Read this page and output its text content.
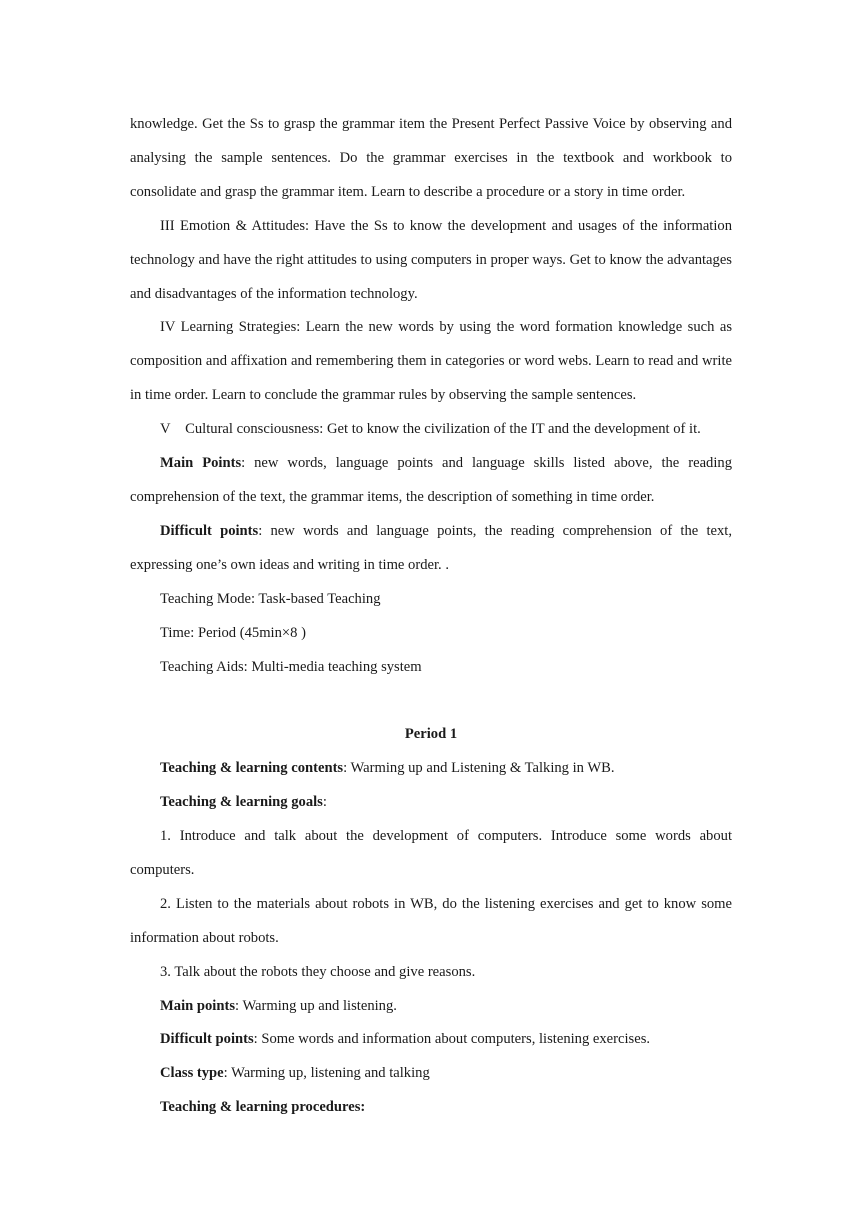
knowledge. Get the Ss to grasp the grammar item the Present Perfect Passive Voice by observing and analysing the sample sentences. Do the grammar exercises in the textbook and workbook to consolidate and grasp the grammar item. Learn to describe a procedure or a story in time order.

III Emotion & Attitudes: Have the Ss to know the development and usages of the information technology and have the right attitudes to using computers in proper ways. Get to know the advantages and disadvantages of the information technology.

IV Learning Strategies: Learn the new words by using the word formation knowledge such as composition and affixation and remembering them in categories or word webs. Learn to read and write in time order. Learn to conclude the grammar rules by observing the sample sentences.

V Cultural consciousness: Get to know the civilization of the IT and the development of it.

Main Points: new words, language points and language skills listed above, the reading comprehension of the text, the grammar items, the description of something in time order.

Difficult points: new words and language points, the reading comprehension of the text, expressing one’s own ideas and writing in time order. .

Teaching Mode: Task-based Teaching

Time: Period (45min×8 )

Teaching Aids: Multi-media teaching system

Period 1

Teaching & learning contents: Warming up and Listening & Talking in WB.

Teaching & learning goals:

1. Introduce and talk about the development of computers. Introduce some words about computers.

2. Listen to the materials about robots in WB, do the listening exercises and get to know some information about robots.

3. Talk about the robots they choose and give reasons.

Main points: Warming up and listening.

Difficult points: Some words and information about computers, listening exercises.

Class type: Warming up, listening and talking

Teaching & learning procedures:
